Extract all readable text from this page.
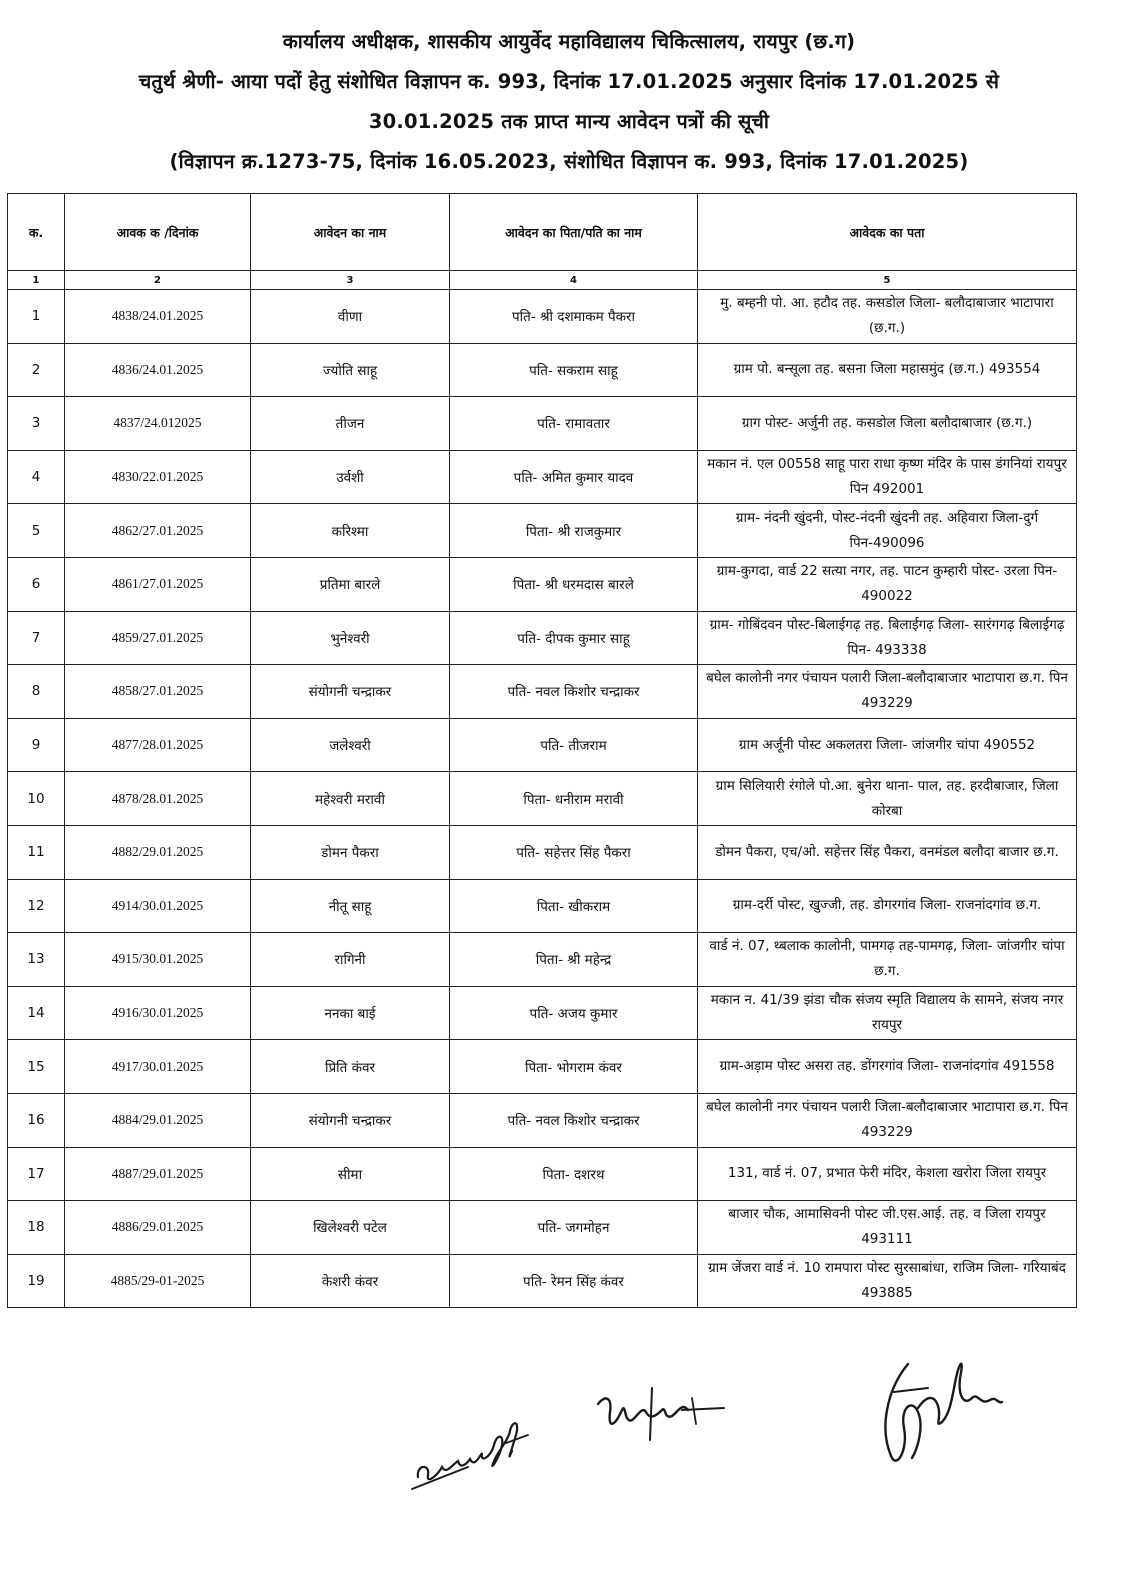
कार्यालय अधीक्षक, शासकीय आयुर्वेद महाविद्यालय चिकित्सालय, रायपुर (छ.ग)
चतुर्थ श्रेणी- आया पदों हेतु संशोधित विज्ञापन क. 993, दिनांक 17.01.2025 अनुसार दिनांक 17.01.2025 से
30.01.2025 तक प्राप्त मान्य आवेदन पत्रों की सूची
(विज्ञापन क्र.1273-75, दिनांक 16.05.2023, संशोधित विज्ञापन क. 993, दिनांक 17.01.2025)
क.	आवक क /दिनांक	आवेदन का नाम	आवेदन का पिता/पति का नाम	आवेदक का पता
1	2	3	4	5
1	4838/24.01.2025	वीणा	पति- श्री दशमाकम पैकरा	मु. बम्हनी पो. आ. हटौद तह. कसडोल जिला- बलौदाबाजार भाटापारा (छ.ग.)
2	4836/24.01.2025	ज्योति साहू	पति- सकराम साहू	ग्राम पो. बन्सूला तह. बसना जिला महासमुंद (छ.ग.) 493554
3	4837/24.012025	तीजन	पति- रामावतार	ग्राग पोस्ट- अर्जुनी तह. कसडोल जिला बलौदाबाजार (छ.ग.)
4	4830/22.01.2025	उर्वशी	पति- अमित कुमार यादव	मकान नं. एल 00558 साहू पारा राधा कृष्ण मंदिर के पास डंगनियां रायपुर पिन 492001
5	4862/27.01.2025	करिश्मा	पिता- श्री राजकुमार	ग्राम- नंदनी खुंदनी, पोस्ट-नंदनी खुंदनी तह. अहिवारा जिला-दुर्ग पिन-490096
6	4861/27.01.2025	प्रतिमा बारले	पिता- श्री धरमदास बारले	ग्राम-कुगदा, वार्ड 22 सत्या नगर, तह. पाटन कुम्हारी पोस्ट- उरला पिन- 490022
7	4859/27.01.2025	भुनेश्वरी	पति- दीपक कुमार साहू	ग्राम- गोबिंदवन पोस्ट-बिलाईगढ़ तह. बिलाईगढ़ जिला- सारंगगढ़ बिलाईगढ़ पिन- 493338
8	4858/27.01.2025	संयोगनी चन्द्राकर	पति- नवल किशोर चन्द्राकर	बघेल कालोनी नगर पंचायन पलारी जिला-बलौदाबाजार भाटापारा छ.ग. पिन 493229
9	4877/28.01.2025	जलेश्वरी	पति- तीजराम	ग्राम अर्जूनी पोस्ट अकलतरा जिला- जांजगीर चांपा 490552
10	4878/28.01.2025	महेश्वरी मरावी	पिता- धनीराम मरावी	ग्राम सिलियारी रंगोले पो.आ. बुनेरा थाना- पाल, तह. हरदीबाजार, जिला कोरबा
11	4882/29.01.2025	डोमन पैकरा	पति- सहेत्तर सिंह पैकरा	डोमन पैकरा, एच/ओ. सहेत्तर सिंह पैकरा, वनमंडल बलौदा बाजार छ.ग.
12	4914/30.01.2025	नीतू साहू	पिता- खीकराम	ग्राम-दर्री पोस्ट, खुज्जी, तह. डोगरगांव जिला- राजनांदगांव छ.ग.
13	4915/30.01.2025	रागिनी	पिता- श्री महेन्द्र	वार्ड नं. 07, थ्बलाक कालोनी, पामगढ़ तह-पामगढ़, जिला- जांजगीर चांपा छ.ग.
14	4916/30.01.2025	ननका बाई	पति- अजय कुमार	मकान न. 41/39 झंडा चौक संजय स्मृति विद्यालय के सामने, संजय नगर रायपुर
15	4917/30.01.2025	प्रिति कंवर	पिता- भोगराम कंवर	ग्राम-अड़ाम पोस्ट असरा तह. डोंगरगांव जिला- राजनांदगांव 491558
16	4884/29.01.2025	संयोगनी चन्द्राकर	पति- नवल किशोर चन्द्राकर	बघेल कालोनी नगर पंचायन पलारी जिला-बलौदाबाजार भाटापारा छ.ग. पिन 493229
17	4887/29.01.2025	सीमा	पिता- दशरथ	131, वार्ड नं. 07, प्रभात फेरी मंदिर, केशला खरोरा जिला रायपुर
18	4886/29.01.2025	खिलेश्वरी पटेल	पति- जगमोहन	बाजार चौक, आमासिवनी पोस्ट जी.एस.आई. तह. व जिला रायपुर 493111
19	4885/29-01-2025	केशरी कंवर	पति- रेमन सिंह कंवर	ग्राम जेंजरा वार्ड नं. 10 रामपारा पोस्ट सुरसाबांधा, राजिम जिला- गरियाबंद 493885
